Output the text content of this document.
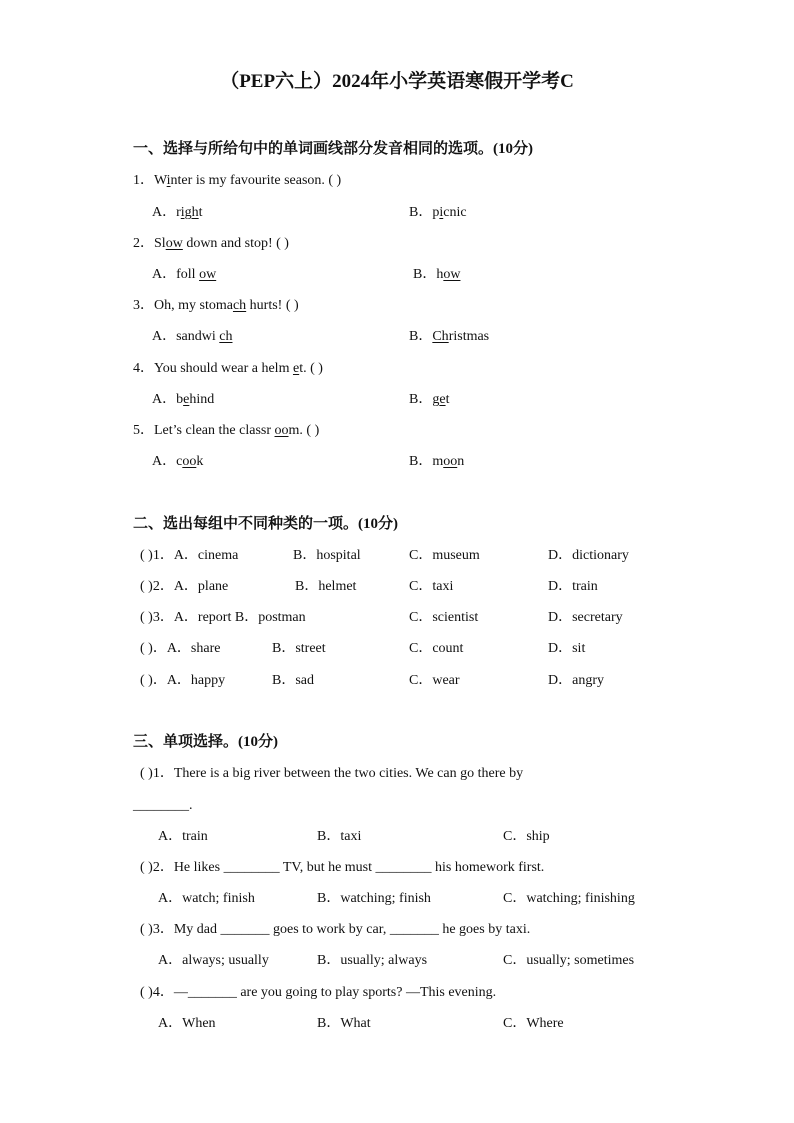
（PEP六上）2024年小学英语寒假开学考C
一、选择与所给句中的单词画线部分发音相同的选项。(10分)
1．Winter is my favourite season. ( )
A．right	B．picnic
2．Slow down and stop! ( )
A．foll ow	B．how
3．Oh, my stomach hurts! ( )
A．sandwi ch	B．Christmas
4．You should wear a helm et. ( )
A．behind	B．get
5．Let’s clean the classr oom. ( )
A．cook	B．moon
二、选出每组中不同种类的一项。(10分)
( )1．A．cinema	B．hospital	C．museum	D．dictionary
( )2．A．plane	B．helmet	C．taxi	D．train
( )3．A．report B．postman	C．scientist	D．secretary
( )．A．share	B．street	C．count	D．sit
( )．A．happy	B．sad	C．wear	D．angry
三、单项选择。(10分)
( )1．There is a big river between the two cities. We can go there by
________.
A．train	B．taxi	C．ship
( )2．He likes ________ TV, but he must ________ his homework first.
A．watch; finish	B．watching; finish	C．watching; finishing
( )3．My dad _______ goes to work by car, _______ he goes by taxi.
A．always; usually	B．usually; always	C．usually; sometimes
( )4．—_______ are you going to play sports? —This evening.
A．When	B．What	C．Where
